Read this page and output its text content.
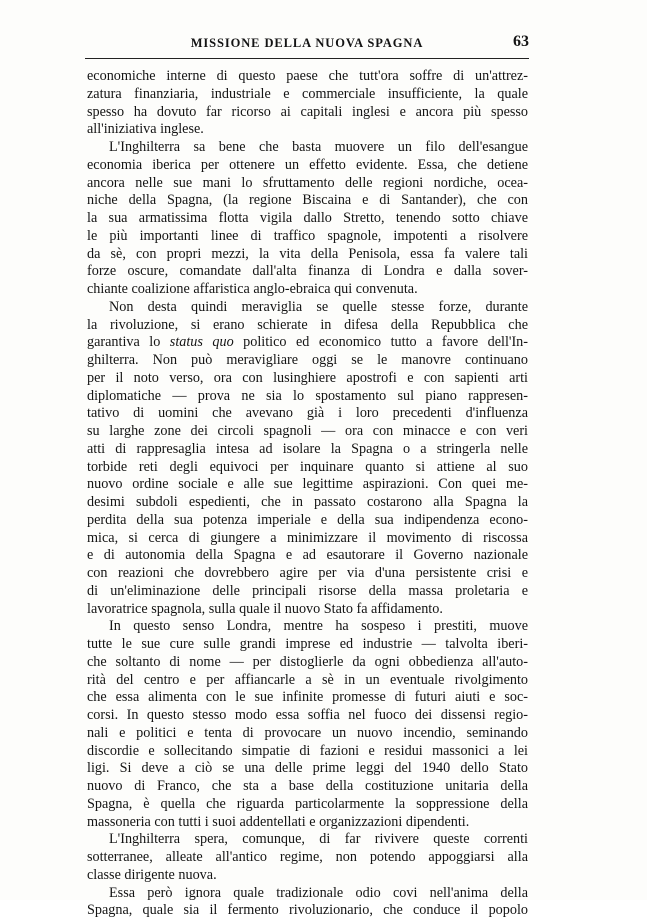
MISSIONE DELLA NUOVA SPAGNA	63
economiche interne di questo paese che tutt'ora soffre di un'attrez-
zatura finanziaria, industriale e commerciale insufficiente, la quale
spesso ha dovuto far ricorso ai capitali inglesi e ancora più spesso
all'iniziativa inglese.
L'Inghilterra sa bene che basta muovere un filo dell'esangue
economia iberica per ottenere un effetto evidente. Essa, che detiene
ancora nelle sue mani lo sfruttamento delle regioni nordiche, ocea-
niche della Spagna, (la regione Biscaina e di Santander), che con
la sua armatissima flotta vigila dallo Stretto, tenendo sotto chiave
le più importanti linee di traffico spagnole, impotenti a risolvere
da sè, con propri mezzi, la vita della Penisola, essa fa valere tali
forze oscure, comandate dall'alta finanza di Londra e dalla sover-
chiante coalizione affaristica anglo-ebraica qui convenuta.
Non desta quindi meraviglia se quelle stesse forze, durante
la rivoluzione, si erano schierate in difesa della Repubblica che
garantiva lo status quo politico ed economico tutto a favore dell'In-
ghilterra. Non può meravigliare oggi se le manovre continuano
per il noto verso, ora con lusinghiere apostrofi e con sapienti arti
diplomatiche — prova ne sia lo spostamento sul piano rappresen-
tativo di uomini che avevano già i loro precedenti d'influenza
su larghe zone dei circoli spagnoli — ora con minacce e con veri
atti di rappresaglia intesa ad isolare la Spagna o a stringerla nelle
torbide reti degli equivoci per inquinare quanto si attiene al suo
nuovo ordine sociale e alle sue legittime aspirazioni. Con quei me-
desimi subdoli espedienti, che in passato costarono alla Spagna la
perdita della sua potenza imperiale e della sua indipendenza econo-
mica, si cerca di giungere a minimizzare il movimento di riscossa
e di autonomia della Spagna e ad esautorare il Governo nazionale
con reazioni che dovrebbero agire per via d'una persistente crisi e
di un'eliminazione delle principali risorse della massa proletaria e
lavoratrice spagnola, sulla quale il nuovo Stato fa affidamento.
In questo senso Londra, mentre ha sospeso i prestiti, muove
tutte le sue cure sulle grandi imprese ed industrie — talvolta iberi-
che soltanto di nome — per distoglierle da ogni obbedienza all'auto-
rità del centro e per affiancarle a sè in un eventuale rivolgimento
che essa alimenta con le sue infinite promesse di futuri aiuti e soc-
corsi. In questo stesso modo essa soffia nel fuoco dei dissensi regio-
nali e politici e tenta di provocare un nuovo incendio, seminando
discordie e sollecitando simpatie di fazioni e residui massonici a lei
ligi. Si deve a ciò se una delle prime leggi del 1940 dello Stato
nuovo di Franco, che sta a base della costituzione unitaria della
Spagna, è quella che riguarda particolarmente la soppressione della
massoneria con tutti i suoi addentellati e organizzazioni dipendenti.
L'Inghilterra spera, comunque, di far rivivere queste correnti
sotterranee, alleate all'antico regime, non potendo appoggiarsi alla
classe dirigente nuova.
Essa però ignora quale tradizionale odio covi nell'anima della
Spagna, quale sia il fermento rivoluzionario, che conduce il popolo
